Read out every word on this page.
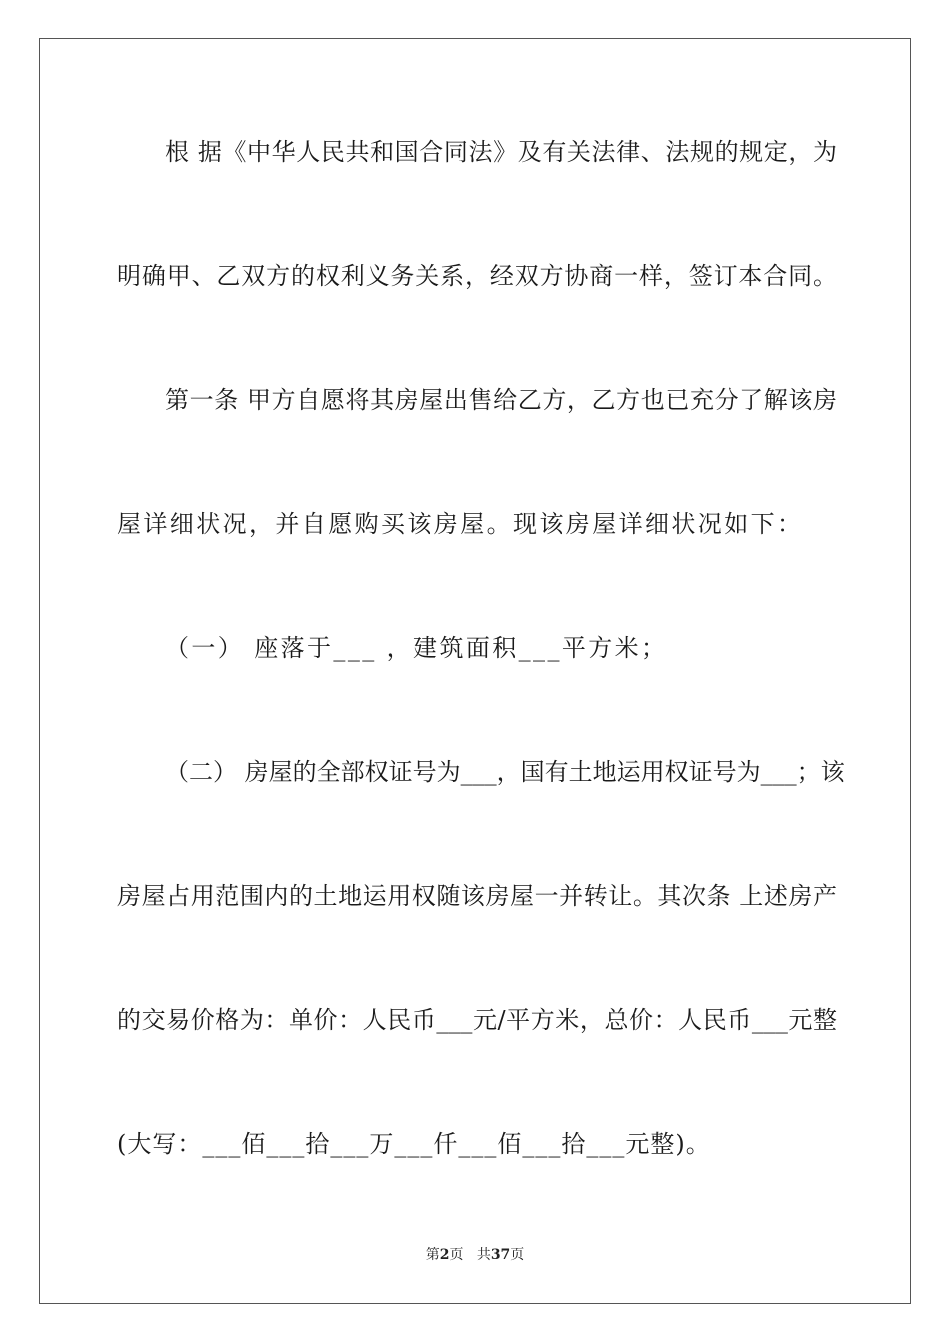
根 据《中华人民共和国合同法》及有关法律、法规的规定，为
明确甲、乙双方的权利义务关系，经双方协商一样，签订本合同。
第一条 甲方自愿将其房屋出售给乙方，乙方也已充分了解该房
屋详细状况，并自愿购买该房屋。现该房屋详细状况如下：
（一） 座落于___ ，建筑面积___平方米；
（二） 房屋的全部权证号为___，国有土地运用权证号为___；该
房屋占用范围内的土地运用权随该房屋一并转让。其次条 上述房产
的交易价格为：单价：人民币___元/平方米，总价：人民币___元整
(大写：___佰___拾___万___仟___佰___拾___元整)。
第2页 共37页
